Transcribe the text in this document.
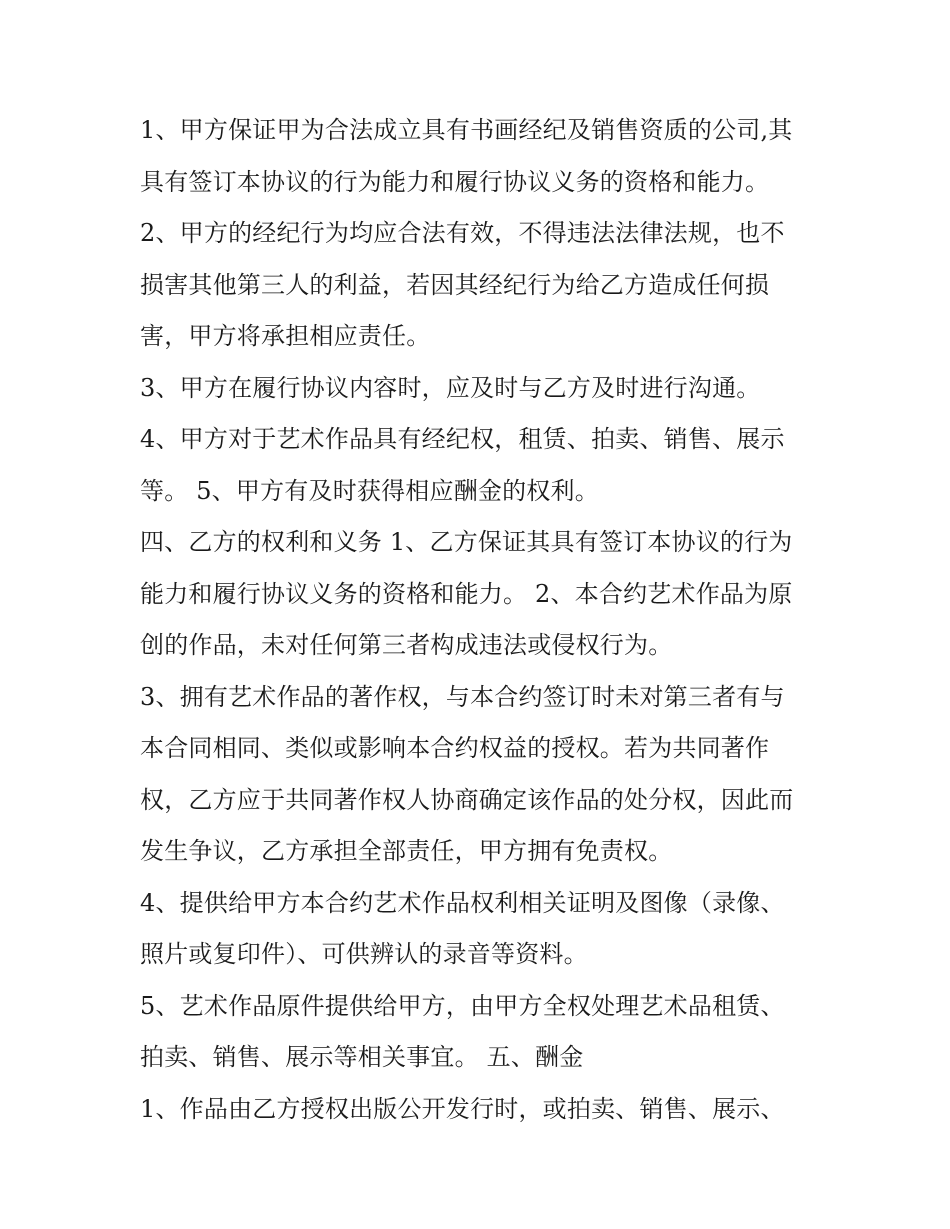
1、甲方保证甲为合法成立具有书画经纪及销售资质的公司,其
具有签订本协议的行为能力和履行协议义务的资格和能力。
2、甲方的经纪行为均应合法有效，不得违法法律法规，也不
损害其他第三人的利益，若因其经纪行为给乙方造成任何损
害，甲方将承担相应责任。
3、甲方在履行协议内容时，应及时与乙方及时进行沟通。
4、甲方对于艺术作品具有经纪权，租赁、拍卖、销售、展示
等。 5、甲方有及时获得相应酬金的权利。
四、乙方的权利和义务 1、乙方保证其具有签订本协议的行为
能力和履行协议义务的资格和能力。 2、本合约艺术作品为原
创的作品，未对任何第三者构成违法或侵权行为。
3、拥有艺术作品的著作权，与本合约签订时未对第三者有与
本合同相同、类似或影响本合约权益的授权。若为共同著作
权，乙方应于共同著作权人协商确定该作品的处分权，因此而
发生争议，乙方承担全部责任，甲方拥有免责权。
4、提供给甲方本合约艺术作品权利相关证明及图像（录像、
照片或复印件）、可供辨认的录音等资料。
5、艺术作品原件提供给甲方，由甲方全权处理艺术品租赁、
拍卖、销售、展示等相关事宜。 五、酬金
1、作品由乙方授权出版公开发行时，或拍卖、销售、展示、
